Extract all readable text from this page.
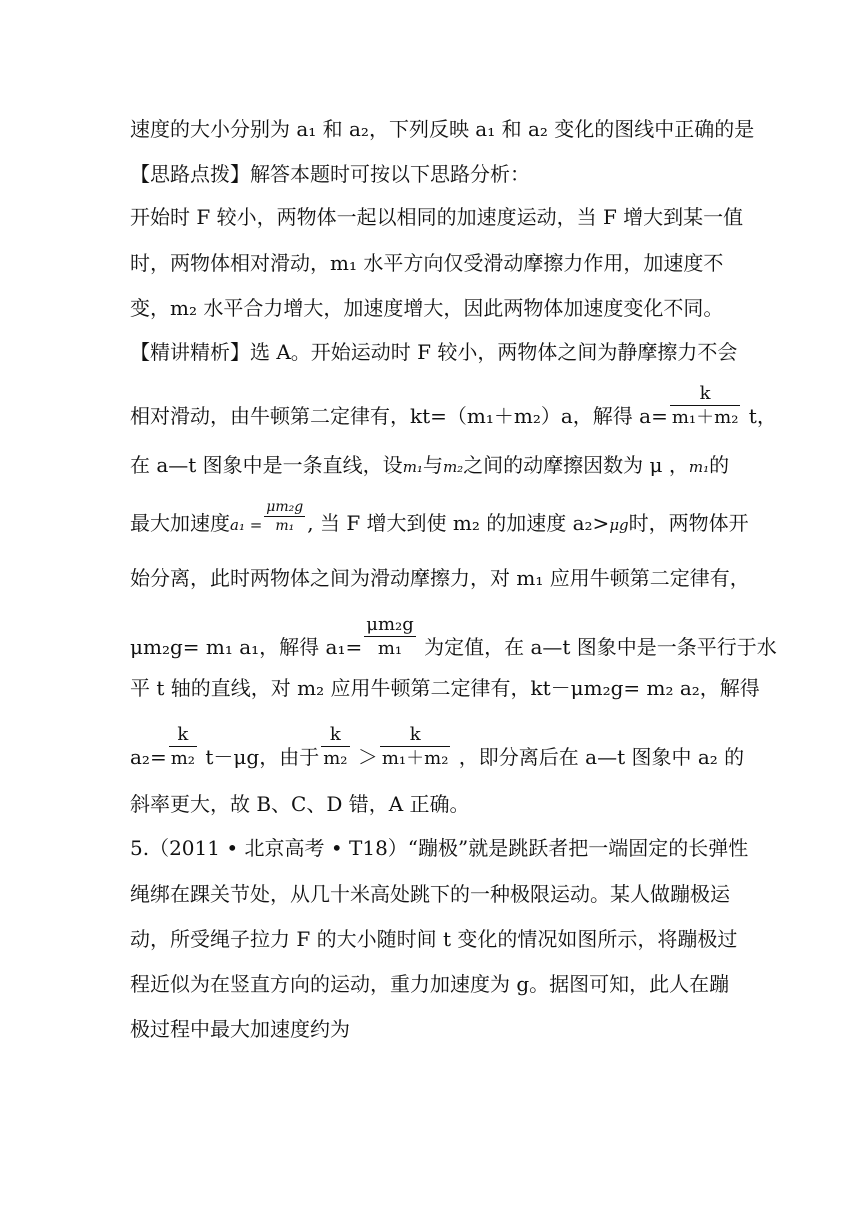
速度的大小分别为 a₁ 和 a₂，下列反映 a₁ 和 a₂ 变化的图线中正确的是
【思路点拨】解答本题时可按以下思路分析：
开始时 F 较小，两物体一起以相同的加速度运动，当 F 增大到某一值
时，两物体相对滑动，m₁ 水平方向仅受滑动摩擦力作用，加速度不
变，m₂ 水平合力增大，加速度增大，因此两物体加速度变化不同。
【精讲精析】选 A。开始运动时 F 较小，两物体之间为静摩擦力不会
相对滑动，由牛顿第二定律有，kt=（m₁＋m₂）a，解得 $a= \frac{k}{\text{m₁＋m₂}}$ t，
在 a—t 图象中是一条直线，设m₁与m₂之间的动摩擦因数为 μ ，m₁的
最大加速度$a_1 = \frac{\text{μm₂g}}{\text{m₁}}$ , 当 F 增大到使 m₂ 的加速度 a₂>μg时，两物体开
始分离，此时两物体之间为滑动摩擦力，对 m₁ 应用牛顿第二定律有，
μm₂g= m₁ a₁，解得 $a_1= \frac{\text{μm₂g}}{\text{m₁}}$ 为定值，在 a—t 图象中是一条平行于水
平 t 轴的直线，对 m₂ 应用牛顿第二定律有，kt－μm₂g= m₂ a₂，解得
$a_2= \frac{k}{\text{m₂}} t-\mu g$，由于 $\frac{k}{\text{m₂}} > \frac{k}{\text{m₁＋m₂}}$ ，即分离后在 a—t 图象中 a₂ 的
斜率更大，故 B、C、D 错，A 正确。
5.（2011 • 北京高考 • T18）“蹦极”就是跳跃者把一端固定的长弹性
绳绑在踝关节处，从几十米高处跳下的一种极限运动。某人做蹦极运
动，所受绳子拉力 F 的大小随时间 t 变化的情况如图所示，将蹦极过
程近似为在竖直方向的运动，重力加速度为 g。据图可知，此人在蹦
极过程中最大加速度约为
